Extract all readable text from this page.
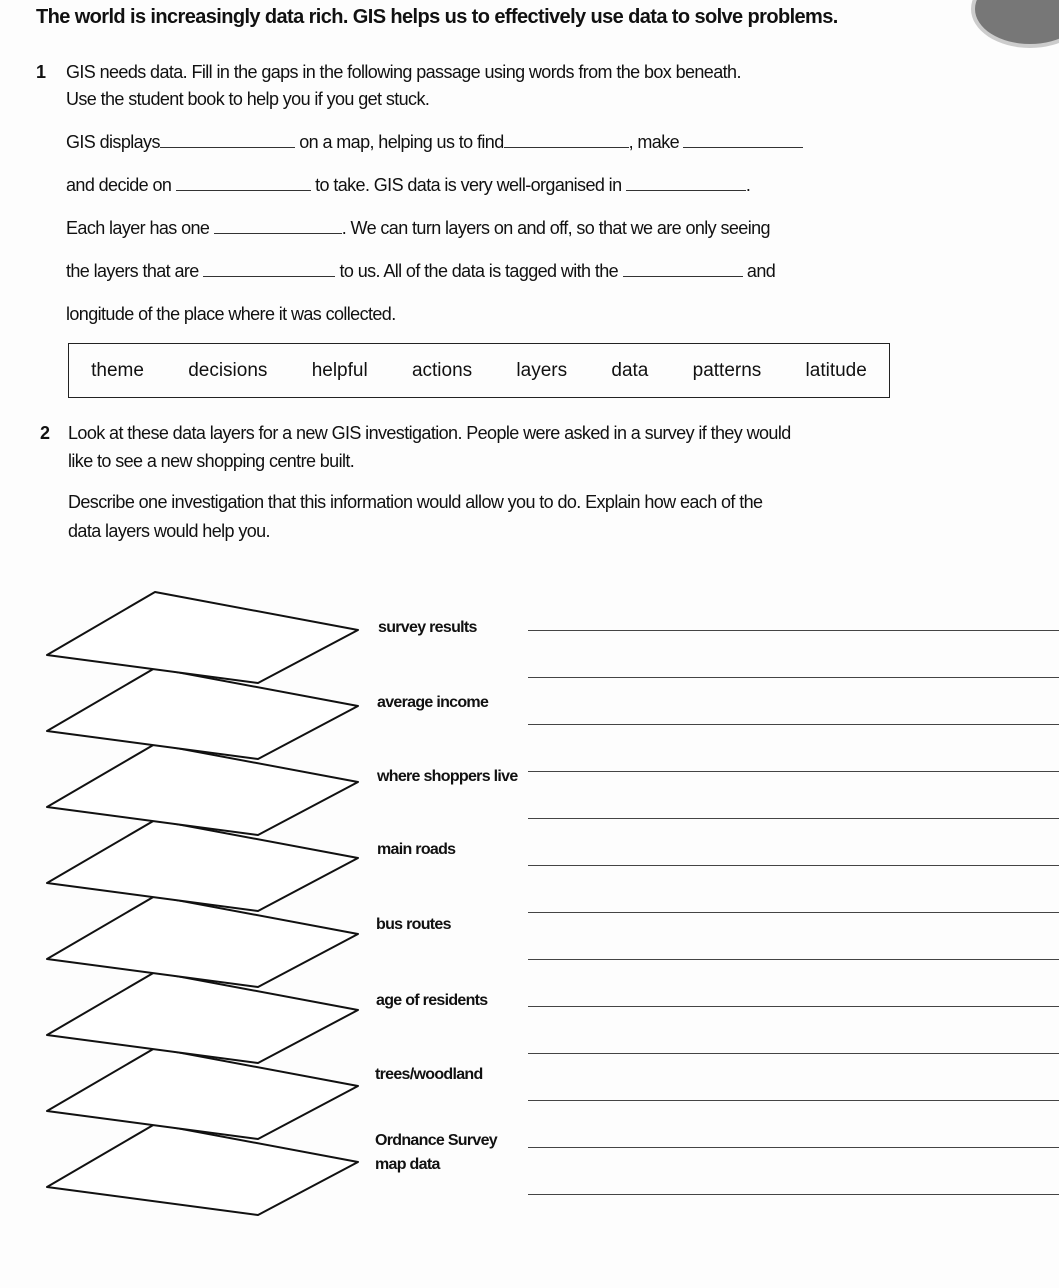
The world is increasingly data rich. GIS helps us to effectively use data to solve problems.
1 GIS needs data. Fill in the gaps in the following passage using words from the box beneath.
Use the student book to help you if you get stuck.
GIS displays	on a map, helping us to find	, make
and decide on	to take. GIS data is very well-organised in	.
Each layer has one	. We can turn layers on and off, so that we are only seeing
the layers that are	to us. All of the data is tagged with the	and
longitude of the place where it was collected.
theme decisions helpful actions layers data patterns latitude
2 Look at these data layers for a new GIS investigation. People were asked in a survey if they would
like to see a new shopping centre built.
Describe one investigation that this information would allow you to do. Explain how each of the
data layers would help you.
survey results
average income
where shoppers live
main roads
bus routes
age of residents
trees/woodland
Ordnance Survey map data
